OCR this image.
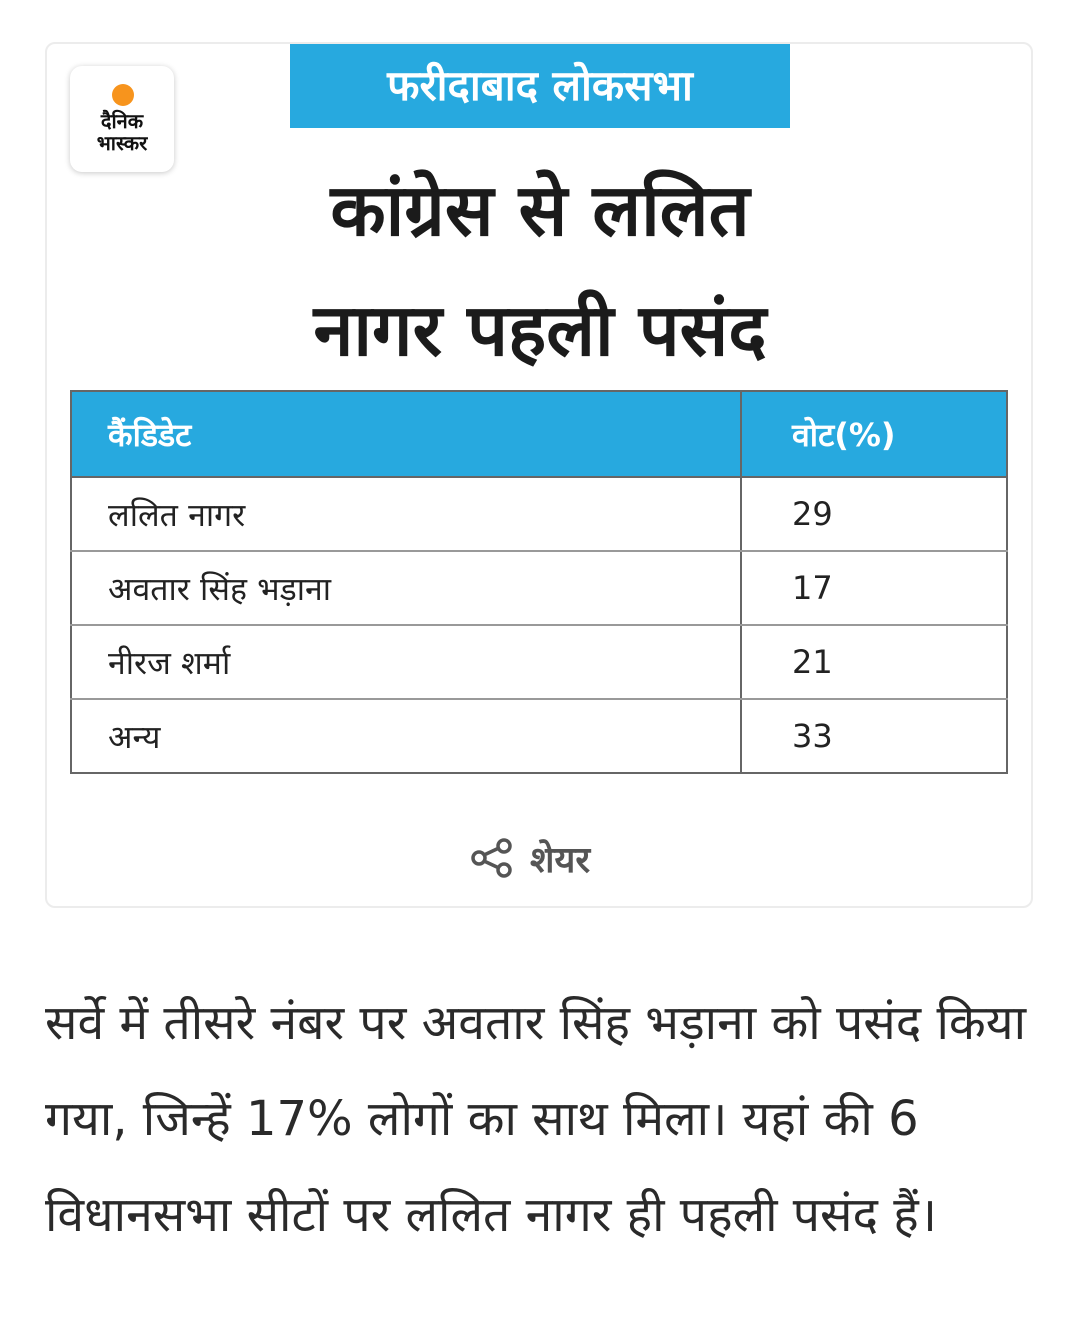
दैनिक
भास्कर
फरीदाबाद लोकसभा
कांग्रेस से ललित
नागर पहली पसंद
कैंडिडेट	वोट(%)
ललित नागर	29
अवतार सिंह भड़ाना	17
नीरज शर्मा	21
अन्य	33
शेयर

सर्वे में तीसरे नंबर पर अवतार सिंह भड़ाना को पसंद किया गया, जिन्हें 17% लोगों का साथ मिला। यहां की 6 विधानसभा सीटों पर ललित नागर ही पहली पसंद हैं।
